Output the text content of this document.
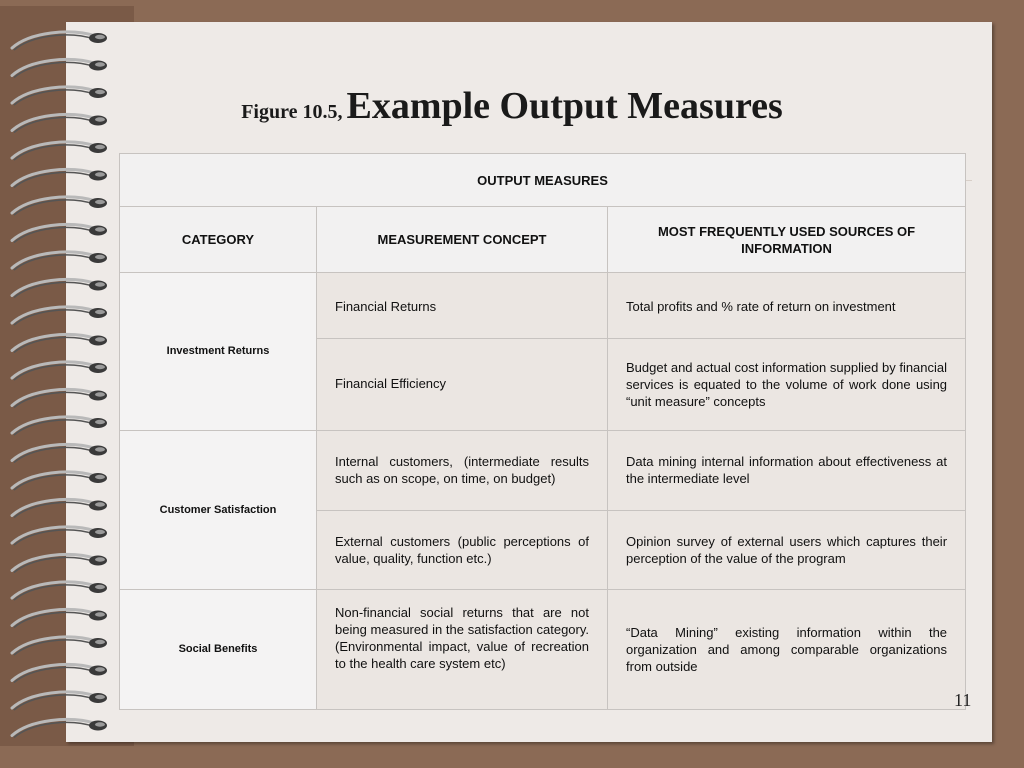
Figure 10.5, Example Output Measures
OUTPUT MEASURES		
CATEGORY	MEASUREMENT CONCEPT	MOST FREQUENTLY USED SOURCES OF INFORMATION
Investment Returns	Financial Returns	Total profits and % rate of return on investment
	Financial Efficiency	Budget and actual cost information supplied by financial services is equated to the volume of work done using “unit measure” concepts
Customer Satisfaction	Internal customers, (intermediate results such as on scope, on time, on budget)	Data mining internal information about effectiveness at the intermediate level
	External customers (public perceptions of value, quality, function etc.)	Opinion survey of external users which captures their perception of the value of the program
Social Benefits	Non-financial social returns that are not being measured in the satisfaction category. (Environmental impact, value of recreation to the health care system etc)	“Data Mining” existing information within the organization and among comparable organizations from outside
11
